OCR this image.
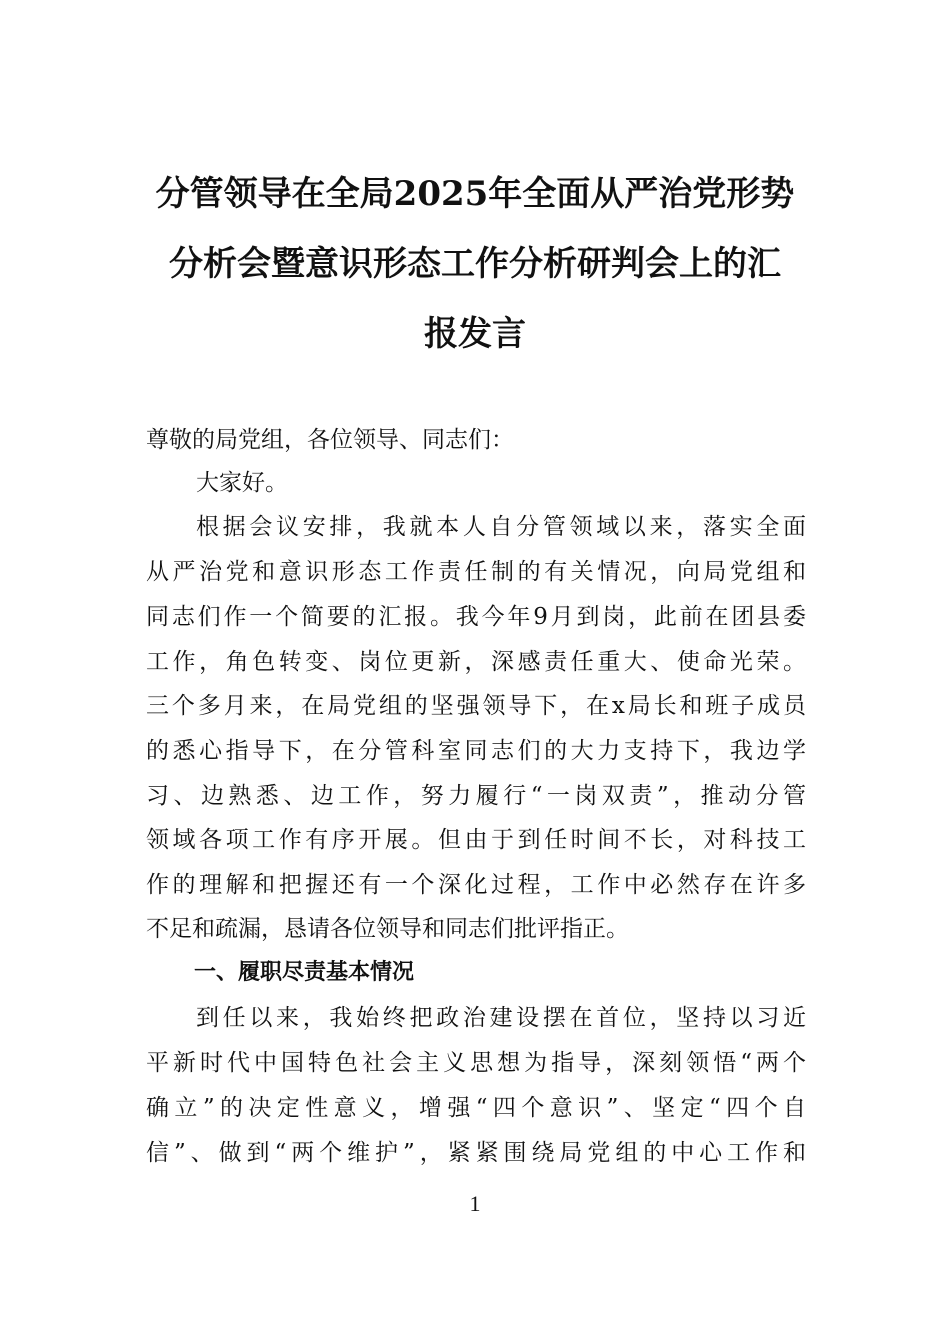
分管领导在全局2025年全面从严治党形势
分析会暨意识形态工作分析研判会上的汇
报发言
尊敬的局党组，各位领导、同志们：
大家好。
根据会议安排，我就本人自分管领域以来，落实全面
从严治党和意识形态工作责任制的有关情况，向局党组和
同志们作一个简要的汇报。我今年9月到岗，此前在团县委
工作，角色转变、岗位更新，深感责任重大、使命光荣。
三个多月来，在局党组的坚强领导下，在x局长和班子成员
的悉心指导下，在分管科室同志们的大力支持下，我边学
习、边熟悉、边工作，努力履行“一岗双责”，推动分管
领域各项工作有序开展。但由于到任时间不长，对科技工
作的理解和把握还有一个深化过程，工作中必然存在许多
不足和疏漏，恳请各位领导和同志们批评指正。
一、履职尽责基本情况
到任以来，我始终把政治建设摆在首位，坚持以习近
平新时代中国特色社会主义思想为指导，深刻领悟“两个
确立”的决定性意义，增强“四个意识”、坚定“四个自
信”、做到“两个维护”，紧紧围绕局党组的中心工作和
1
